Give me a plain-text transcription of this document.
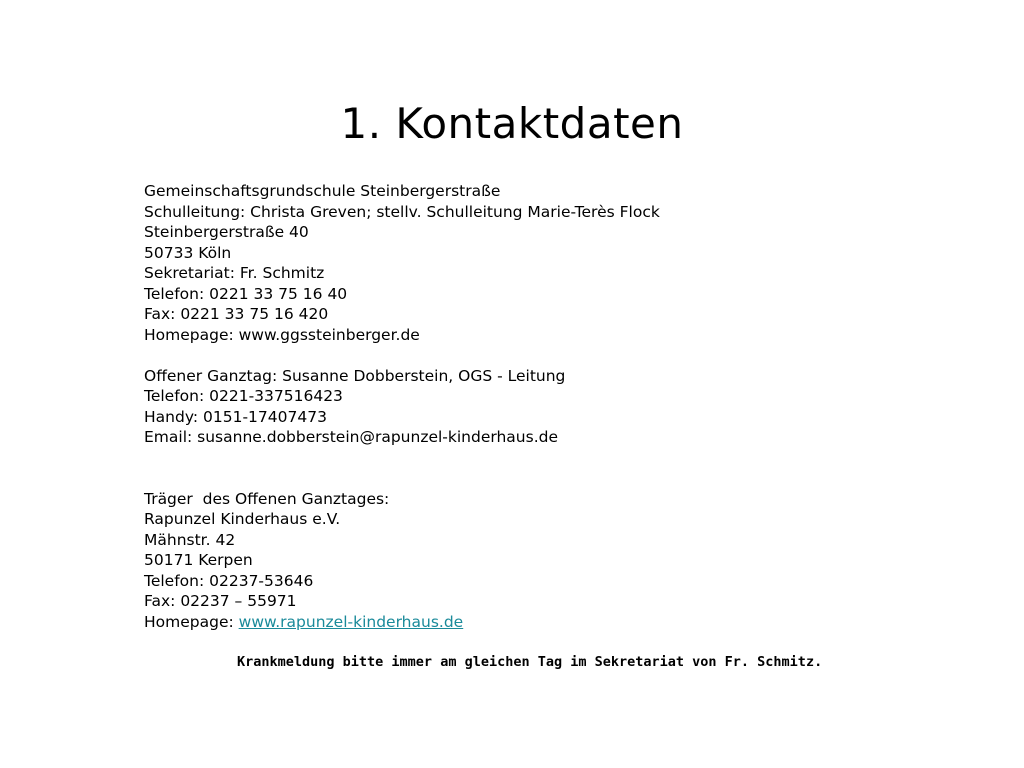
1. Kontaktdaten
Gemeinschaftsgrundschule Steinbergerstraße
Schulleitung: Christa Greven; stellv. Schulleitung Marie-Terès Flock
Steinbergerstraße 40
50733 Köln
Sekretariat: Fr. Schmitz
Telefon: 0221 33 75 16 40
Fax: 0221 33 75 16 420
Homepage: www.ggssteinberger.de
Offener Ganztag: Susanne Dobberstein, OGS - Leitung
Telefon: 0221-337516423
Handy: 0151-17407473
Email: susanne.dobberstein@rapunzel-kinderhaus.de
Träger  des Offenen Ganztages:
Rapunzel Kinderhaus e.V.
Mähnstr. 42
50171 Kerpen
Telefon: 02237-53646
Fax: 02237 – 55971
Homepage: www.rapunzel-kinderhaus.de
Krankmeldung bitte immer am gleichen Tag im Sekretariat von Fr. Schmitz.
